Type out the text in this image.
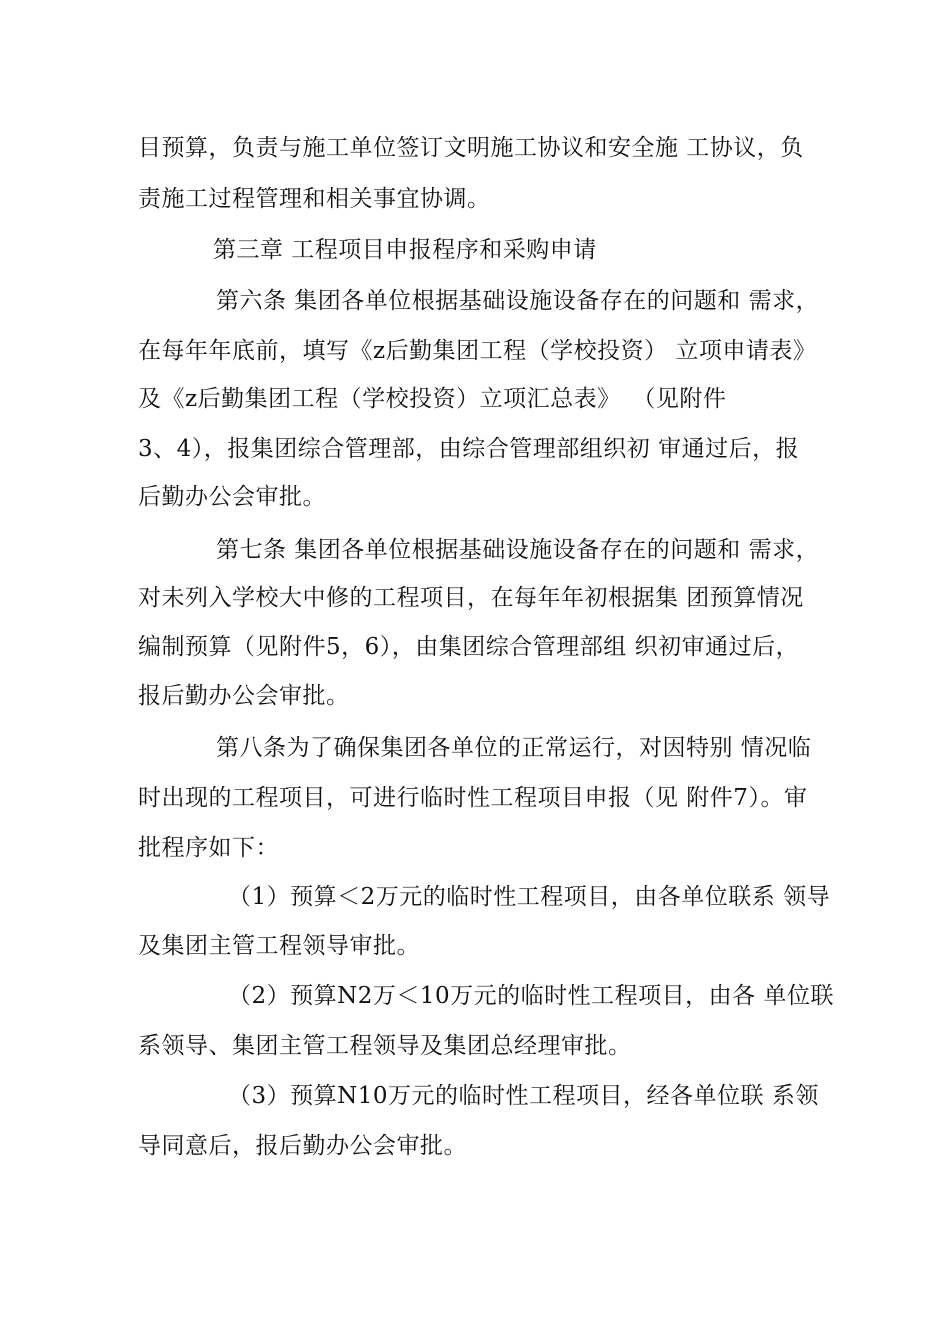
目预算，负责与施工单位签订文明施工协议和安全施 工协议，负
责施工过程管理和相关事宜协调。
第三章 工程项目申报程序和采购申请
第六条 集团各单位根据基础设施设备存在的问题和 需求，
在每年年底前，填写《z后勤集团工程（学校投资） 立项申请表》
及《z后勤集团工程（学校投资）立项汇总表》 （见附件
3、4），报集团综合管理部，由综合管理部组织初 审通过后，报
后勤办公会审批。
第七条 集团各单位根据基础设施设备存在的问题和 需求，
对未列入学校大中修的工程项目，在每年年初根据集 团预算情况
编制预算（见附件5，6），由集团综合管理部组 织初审通过后，
报后勤办公会审批。
第八条为了确保集团各单位的正常运行，对因特别 情况临
时出现的工程项目，可进行临时性工程项目申报（见 附件7）。审
批程序如下：
（1）预算＜2万元的临时性工程项目，由各单位联系 领导
及集团主管工程领导审批。
（2）预算N2万＜10万元的临时性工程项目，由各 单位联
系领导、集团主管工程领导及集团总经理审批。
（3）预算N10万元的临时性工程项目，经各单位联 系领
导同意后，报后勤办公会审批。
